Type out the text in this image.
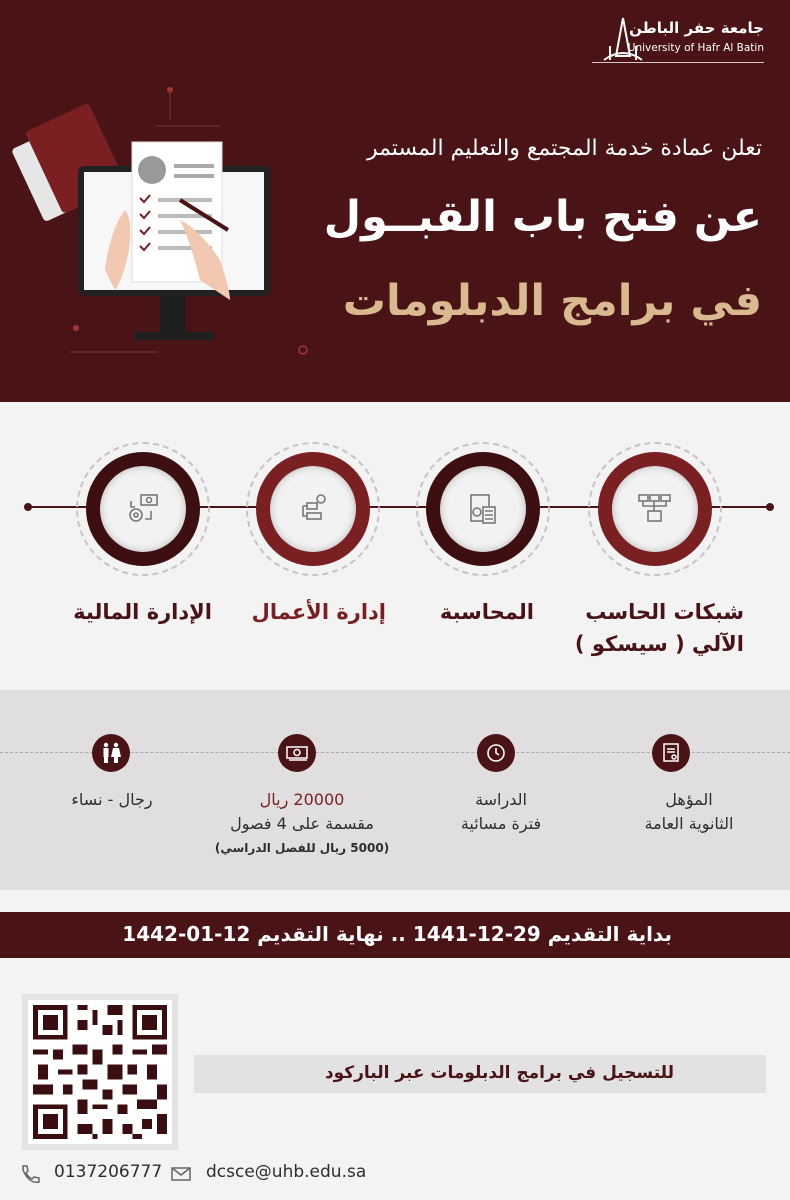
جامعة حفر الباطن
University of Hafr Al Batin
تعلن عمادة خدمة المجتمع والتعليم المستمر
عن فتح باب القبــول
في برامج الدبلومات
شبكات الحاسب
الآلي ( سيسكو )
المحاسبة
إدارة الأعمال
الإدارة المالية
المؤهل
الثانوية العامة
الدراسة
فترة مسائية
20000 ريال
مقسمة على 4 فصول
(5000 ريال للفصل الدراسي)
رجال - نساء
بداية التقديم 29-12-1441 .. نهاية التقديم 12-01-1442
للتسجيل في برامج الدبلومات عبر الباركود
0137206777	dcsce@uhb.edu.sa
